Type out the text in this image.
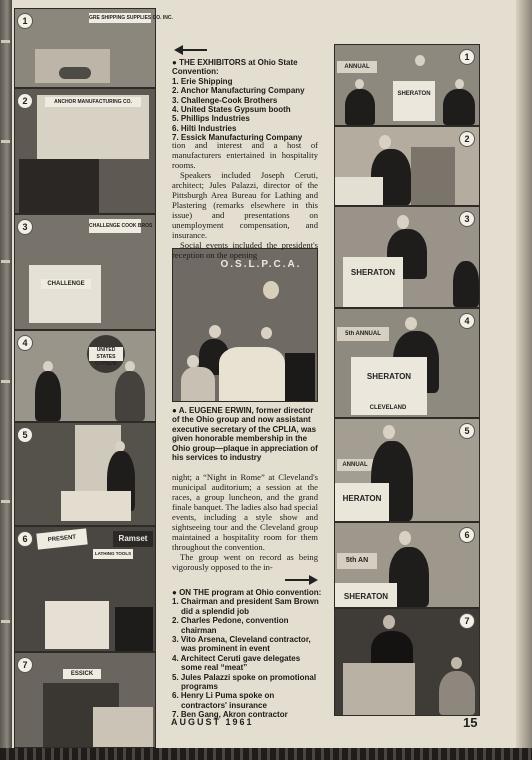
GRE SHIPPING SUPPLIES CO. INC.
1
ANCHOR MANUFACTURING CO.
2
CHALLENGE COOK BROS
CHALLENGE
3
UNITED STATES GYPSUM
4
5
PRESENT
LATHING TOOLS
Ramset
6
ESSICK
7
ANNUAL
SHERATON
1
2
SHERATON
3
5th ANNUAL
SHERATON
CLEVELAND
4
ANNUAL
HERATON
5
5th AN
SHERATON
6
7
O.S.L.P.C.A.
● THE EXHIBITORS at Ohio State Convention:
1. Erie Shipping
2. Anchor Manufacturing Company
3. Challenge-Cook Brothers
4. United States Gypsum booth
5. Phillips Industries
6. Hilti Industries
7. Essick Manufacturing Company

tion and interest and a host of manufacturers entertained in hospitality rooms.

Speakers included Joseph Ceruti, architect; Jules Palazzi, director of the Pittsburgh Area Bureau for Lathing and Plastering (remarks elsewhere in this issue) and presentations on unemployment compensation, and insurance.

Social events included the president's reception on the opening

● A. EUGENE ERWIN, former director of the Ohio group and now assistant executive secretary of the CPLIA, was given honorable membership in the Ohio group—plaque in appreciation of his services to industry

night; a “Night in Rome” at Cleveland's municipal auditorium; a session at the races, a group luncheon, and the grand finale banquet. The ladies also had special events, including a style show and sightseeing tour and the Cleveland group maintained a hospitality room for them throughout the convention.

The group went on record as being vigorously opposed to the in-

● ON THE program at Ohio convention:
1. Chairman and president Sam Brown did a splendid job
2. Charles Pedone, convention chairman
3. Vito Arsena, Cleveland contractor, was prominent in event
4. Architect Ceruti gave delegates some real “meat”
5. Jules Palazzi spoke on promotional programs
6. Henry Li Puma spoke on contractors' insurance
7. Ben Gang, Akron contractor
AUGUST 1961	15
